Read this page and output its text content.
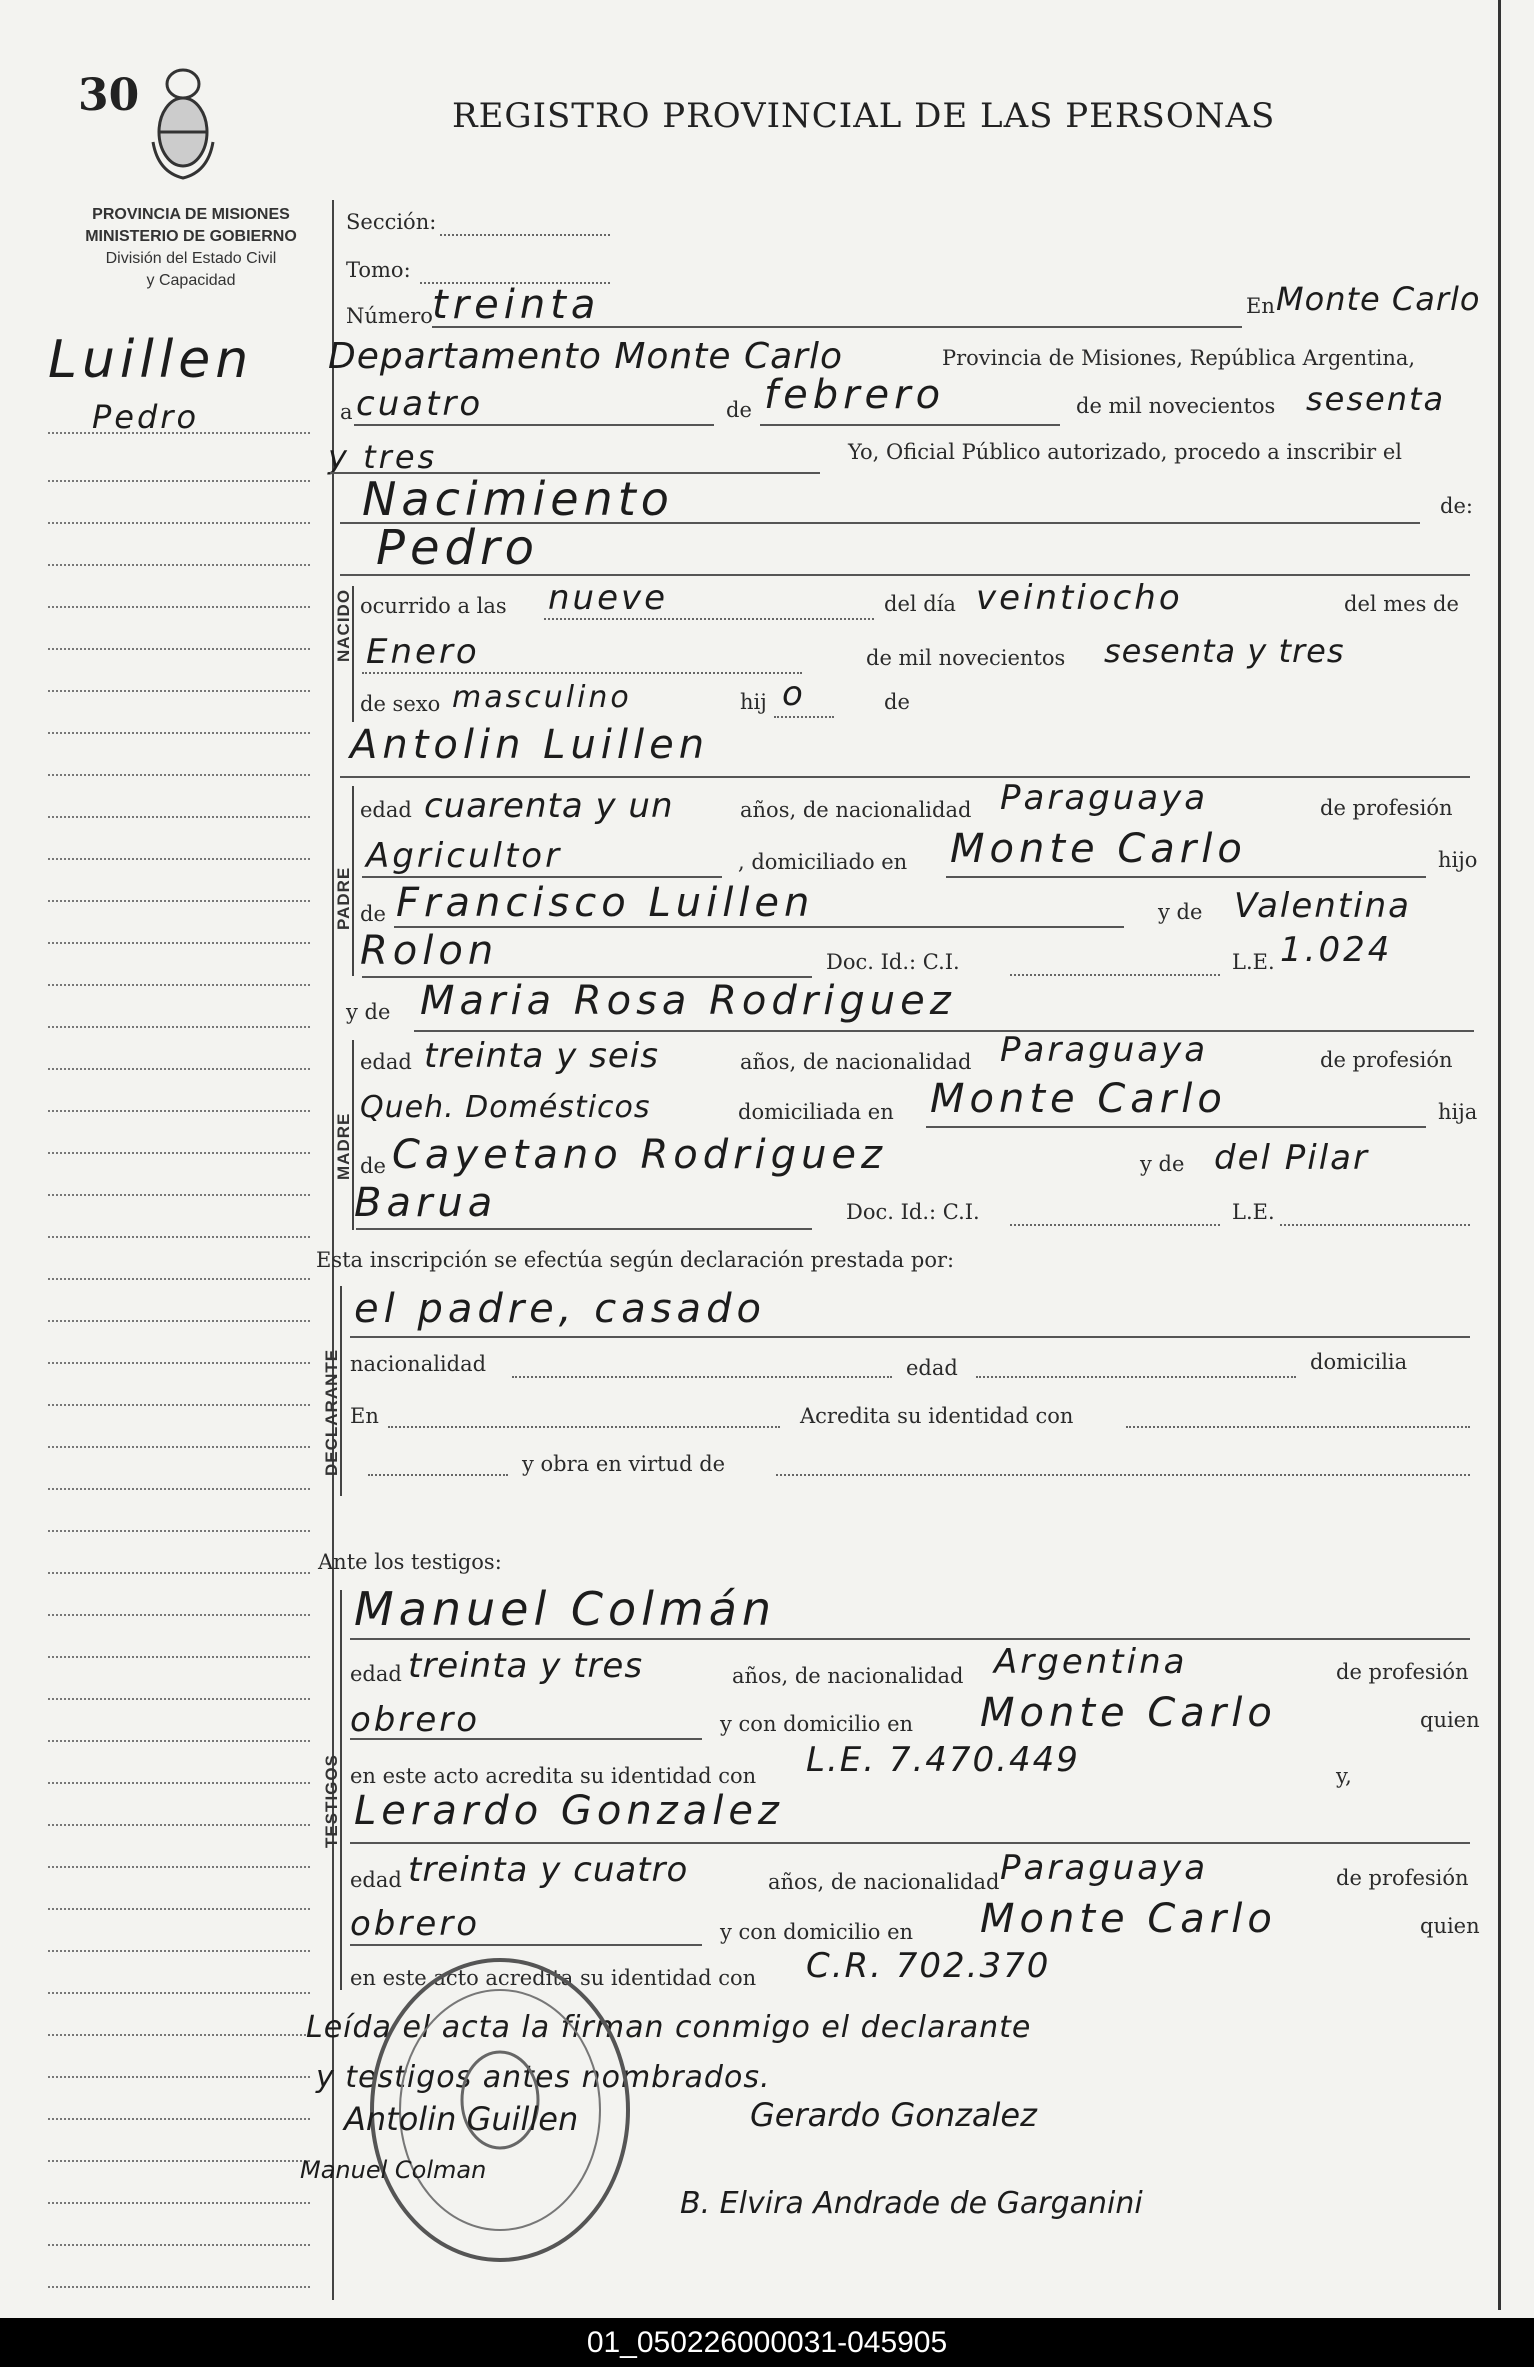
30	REGISTRO PROVINCIAL DE LAS PERSONAS
PROVINCIA DE MISIONES
MINISTERIO DE GOBIERNO
División del Estado Civil
y Capacidad
Luillen
Pedro
Sección:
Tomo:
Número treinta	En Monte Carlo
Departamento Monte Carlo	Provincia de Misiones, República Argentina,
a cuatro	de febrero	de mil novecientos sesenta
y tres	Yo, Oficial Público autorizado, procedo a inscribir el
Nacimiento	de:
Pedro
NACIDO ocurrido a las nueve	del día veintiocho	del mes de
Enero	de mil novecientos sesenta y tres
de sexo masculino	hij o	de
Antolin Luillen
PADRE
edad cuarenta y un	años, de nacionalidad Paraguaya	de profesión
Agricultor	, domiciliado en Monte Carlo	hijo
de Francisco Luillen	y de Valentina
Rolon	Doc. Id.: C.I.	L.E. 1.024
y de Maria Rosa Rodriguez
MADRE
edad treinta y seis	años, de nacionalidad Paraguaya	de profesión
Queh. Domésticos	domiciliada en Monte Carlo	hija
de Cayetano Rodriguez	y de del Pilar
Barua	Doc. Id.: C.I.	L.E.
Esta inscripción se efectúa según declaración prestada por:
DECLARANTE
el padre, casado
nacionalidad	edad	domicilia
En	Acredita su identidad con
y obra en virtud de
Ante los testigos:
TESTIGOS
Manuel Colmán
edad treinta y tres	años, de nacionalidad Argentina	de profesión
obrero	y con domicilio en Monte Carlo	quien
en este acto acredita su identidad con L.E. 7.470.449	y,
Lerardo Gonzalez
edad treinta y cuatro	años, de nacionalidad Paraguaya	de profesión
obrero	y con domicilio en Monte Carlo	quien
en este acto acredita su identidad con C.R. 702.370
Leída el acta la firman conmigo el declarante
y testigos antes nombrados.
Antolin Guillen	Gerardo Gonzalez
Manuel Colman
B. Elvira Andrade de Garganini
01_050226000031-045905
